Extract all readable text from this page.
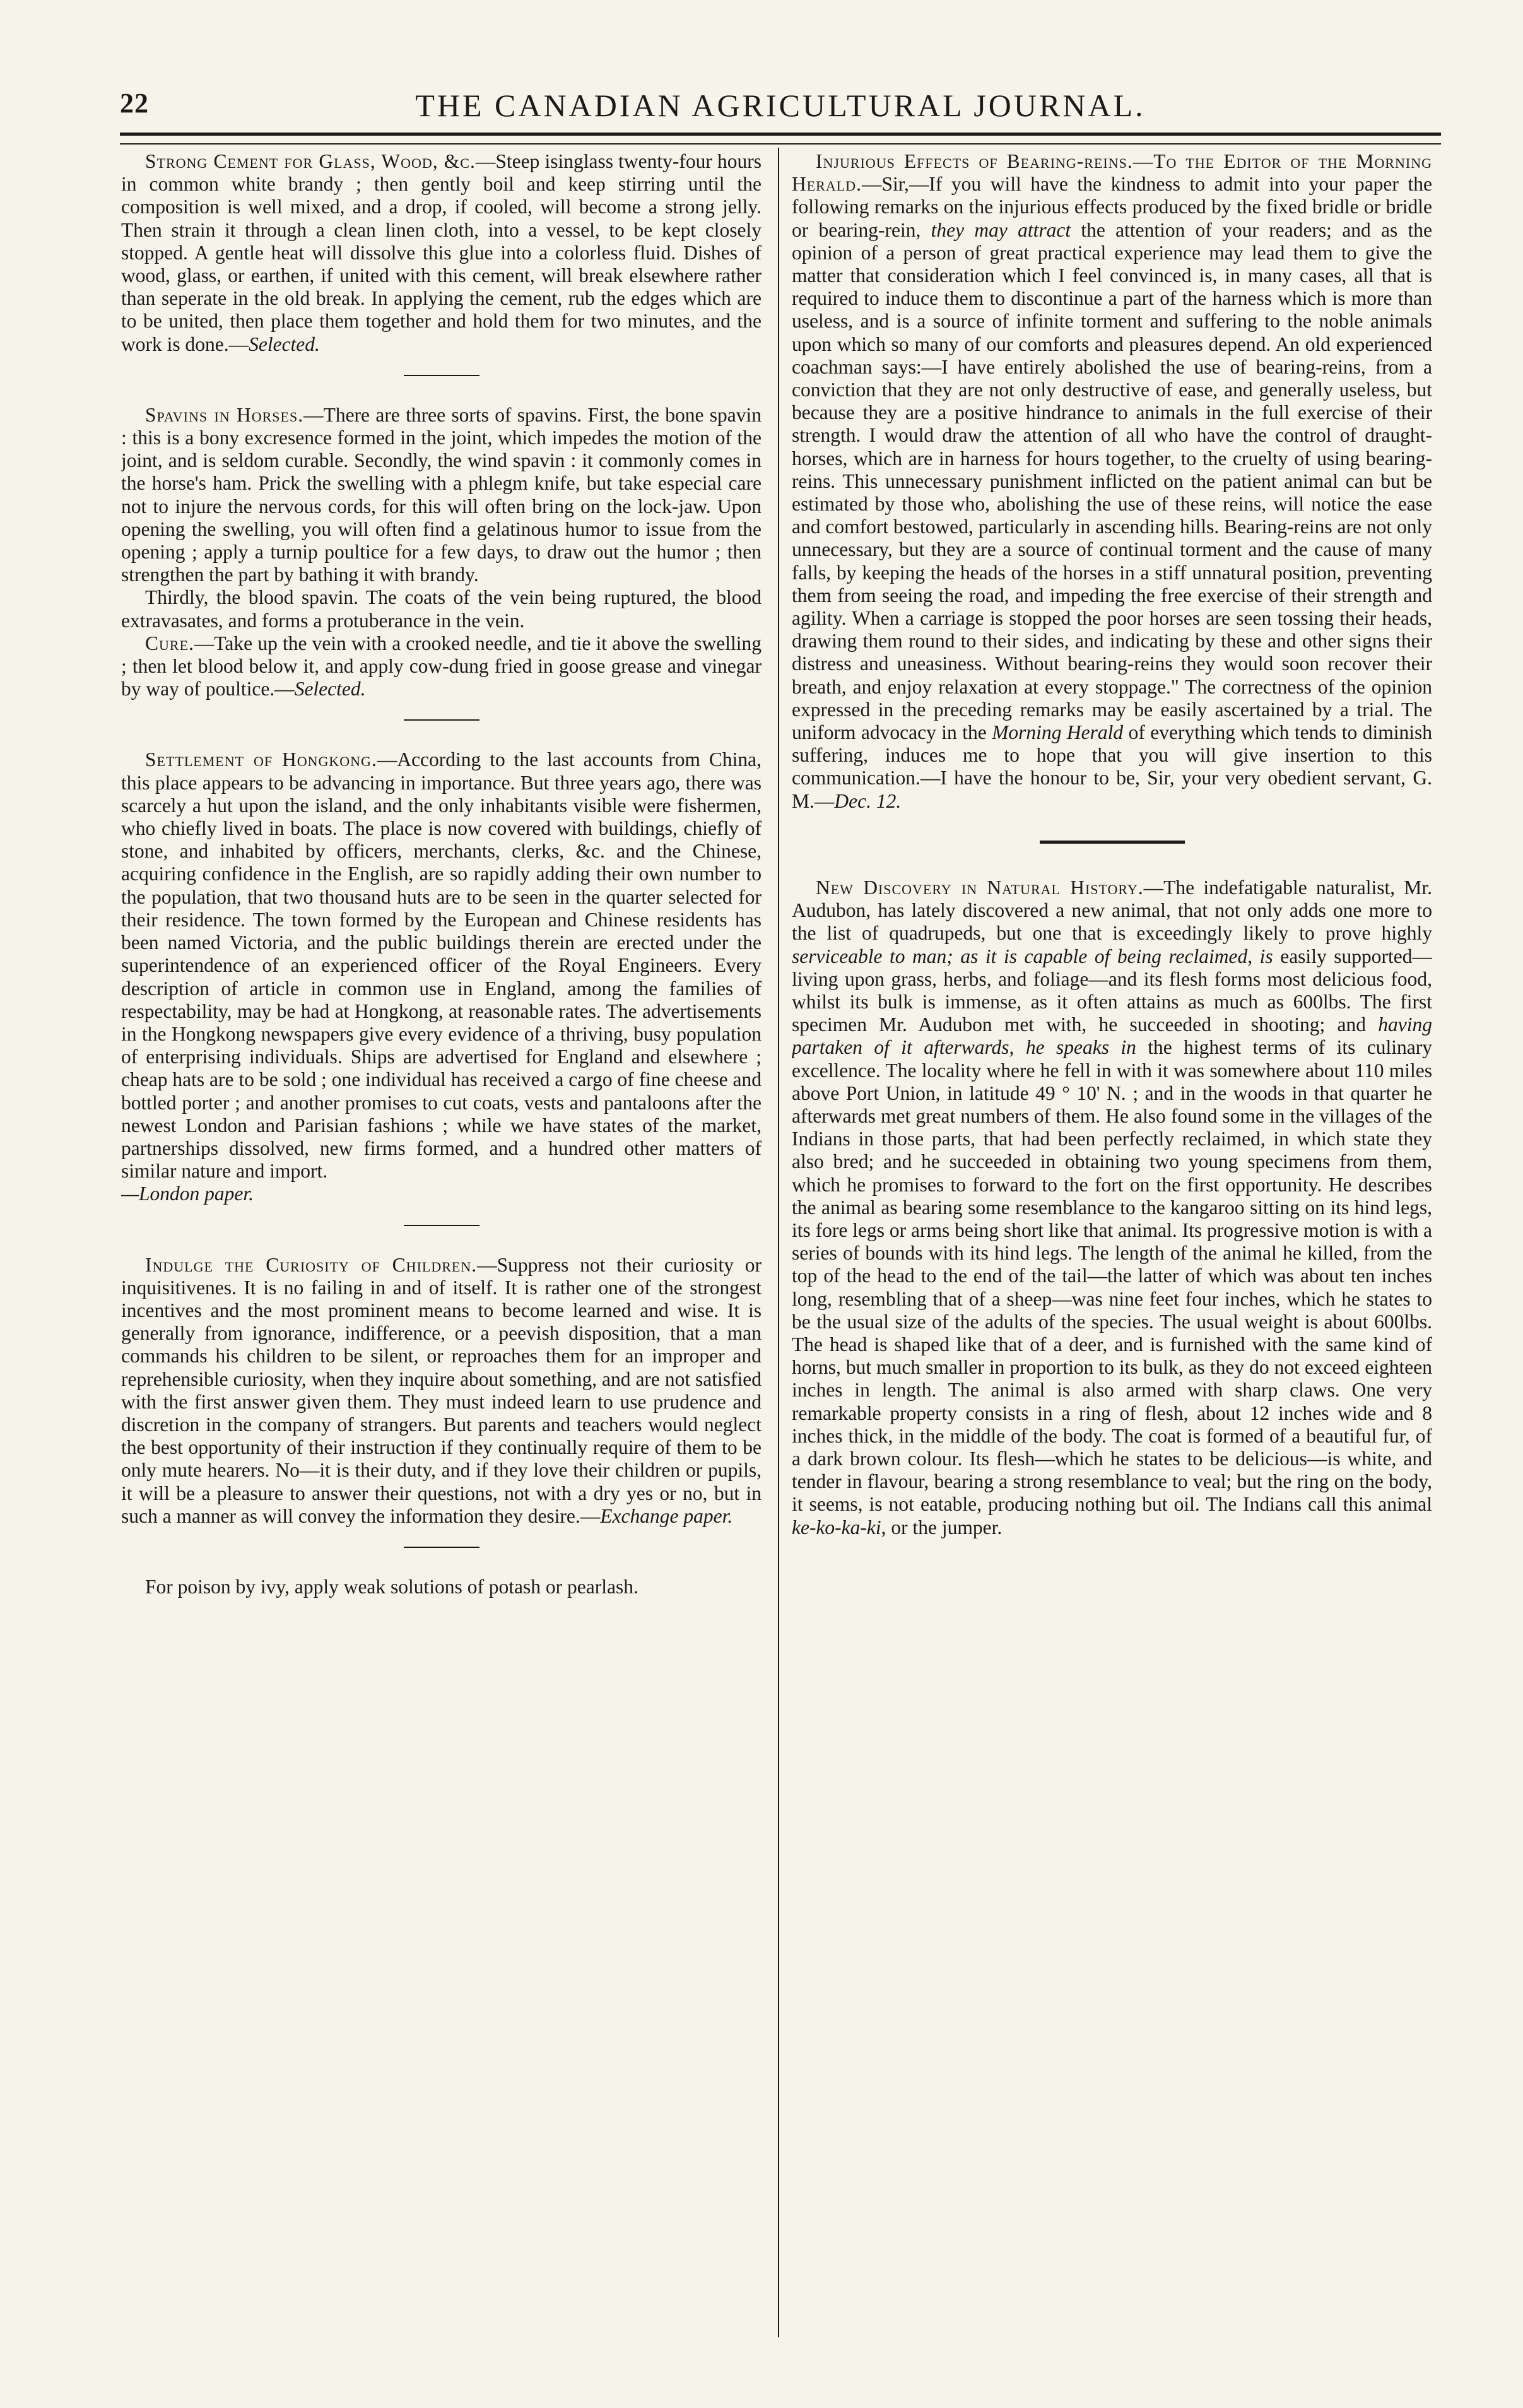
22	THE CANADIAN AGRICULTURAL JOURNAL.

Strong Cement for Glass, Wood, &c.—Steep isinglass twenty-four hours in common white brandy ; then gently boil and keep stirring until the composition is well mixed, and a drop, if cooled, will become a strong jelly. Then strain it through a clean linen cloth, into a vessel, to be kept closely stopped. A gentle heat will dissolve this glue into a colorless fluid. Dishes of wood, glass, or earthen, if united with this cement, will break elsewhere rather than seperate in the old break. In applying the cement, rub the edges which are to be united, then place them together and hold them for two minutes, and the work is done.—Selected.

Spavins in Horses.—There are three sorts of spavins. First, the bone spavin : this is a bony excresence formed in the joint, which impedes the motion of the joint, and is seldom curable. Secondly, the wind spavin : it commonly comes in the horse's ham. Prick the swelling with a phlegm knife, but take especial care not to injure the nervous cords, for this will often bring on the lock-jaw. Upon opening the swelling, you will often find a gelatinous humor to issue from the opening ; apply a turnip poultice for a few days, to draw out the humor ; then strengthen the part by bathing it with brandy.

Thirdly, the blood spavin. The coats of the vein being ruptured, the blood extravasates, and forms a protuberance in the vein.

Cure.—Take up the vein with a crooked needle, and tie it above the swelling ; then let blood below it, and apply cow-dung fried in goose grease and vinegar by way of poultice.—Selected.

Settlement of Hongkong.—According to the last accounts from China, this place appears to be advancing in importance. But three years ago, there was scarcely a hut upon the island, and the only inhabitants visible were fishermen, who chiefly lived in boats. The place is now covered with buildings, chiefly of stone, and inhabited by officers, merchants, clerks, &c. and the Chinese, acquiring confidence in the English, are so rapidly adding their own number to the population, that two thousand huts are to be seen in the quarter selected for their residence. The town formed by the European and Chinese residents has been named Victoria, and the public buildings therein are erected under the superintendence of an experienced officer of the Royal Engineers. Every description of article in common use in England, among the families of respectability, may be had at Hongkong, at reasonable rates. The advertisements in the Hongkong newspapers give every evidence of a thriving, busy population of enterprising individuals. Ships are advertised for England and elsewhere ; cheap hats are to be sold ; one individual has received a cargo of fine cheese and bottled porter ; and another promises to cut coats, vests and pantaloons after the newest London and Parisian fashions ; while we have states of the market, partnerships dissolved, new firms formed, and a hundred other matters of similar nature and import.

—London paper.

Indulge the Curiosity of Children.—Suppress not their curiosity or inquisitivenes. It is no failing in and of itself. It is rather one of the strongest incentives and the most prominent means to become learned and wise. It is generally from ignorance, indifference, or a peevish disposition, that a man commands his children to be silent, or reproaches them for an improper and reprehensible curiosity, when they inquire about something, and are not satisfied with the first answer given them. They must indeed learn to use prudence and discretion in the company of strangers. But parents and teachers would neglect the best opportunity of their instruction if they continually require of them to be only mute hearers. No—it is their duty, and if they love their children or pupils, it will be a pleasure to answer their questions, not with a dry yes or no, but in such a manner as will convey the information they desire.—Exchange paper.

For poison by ivy, apply weak solutions of potash or pearlash.

Injurious Effects of Bearing-reins.—To the Editor of the Morning Herald.—Sir,—If you will have the kindness to admit into your paper the following remarks on the injurious effects produced by the fixed bridle or bridle or bearing-rein, they may attract the attention of your readers; and as the opinion of a person of great practical experience may lead them to give the matter that consideration which I feel convinced is, in many cases, all that is required to induce them to discontinue a part of the harness which is more than useless, and is a source of infinite torment and suffering to the noble animals upon which so many of our comforts and pleasures depend. An old experienced coachman says:—I have entirely abolished the use of bearing-reins, from a conviction that they are not only destructive of ease, and generally useless, but because they are a positive hindrance to animals in the full exercise of their strength. I would draw the attention of all who have the control of draught-horses, which are in harness for hours together, to the cruelty of using bearing-reins. This unnecessary punishment inflicted on the patient animal can but be estimated by those who, abolishing the use of these reins, will notice the ease and comfort bestowed, particularly in ascending hills. Bearing-reins are not only unnecessary, but they are a source of continual torment and the cause of many falls, by keeping the heads of the horses in a stiff unnatural position, preventing them from seeing the road, and impeding the free exercise of their strength and agility. When a carriage is stopped the poor horses are seen tossing their heads, drawing them round to their sides, and indicating by these and other signs their distress and uneasiness. Without bearing-reins they would soon recover their breath, and enjoy relaxation at every stoppage." The correctness of the opinion expressed in the preceding remarks may be easily ascertained by a trial. The uniform advocacy in the Morning Herald of everything which tends to diminish suffering, induces me to hope that you will give insertion to this communication.—I have the honour to be, Sir, your very obedient servant, G. M.—Dec. 12.

New Discovery in Natural History.—The indefatigable naturalist, Mr. Audubon, has lately discovered a new animal, that not only adds one more to the list of quadrupeds, but one that is exceedingly likely to prove highly serviceable to man; as it is capable of being reclaimed, is easily supported—living upon grass, herbs, and foliage—and its flesh forms most delicious food, whilst its bulk is immense, as it often attains as much as 600lbs. The first specimen Mr. Audubon met with, he succeeded in shooting; and having partaken of it afterwards, he speaks in the highest terms of its culinary excellence. The locality where he fell in with it was somewhere about 110 miles above Port Union, in latitude 49 ° 10' N. ; and in the woods in that quarter he afterwards met great numbers of them. He also found some in the villages of the Indians in those parts, that had been perfectly reclaimed, in which state they also bred; and he succeeded in obtaining two young specimens from them, which he promises to forward to the fort on the first opportunity. He describes the animal as bearing some resemblance to the kangaroo sitting on its hind legs, its fore legs or arms being short like that animal. Its progressive motion is with a series of bounds with its hind legs. The length of the animal he killed, from the top of the head to the end of the tail—the latter of which was about ten inches long, resembling that of a sheep—was nine feet four inches, which he states to be the usual size of the adults of the species. The usual weight is about 600lbs. The head is shaped like that of a deer, and is furnished with the same kind of horns, but much smaller in proportion to its bulk, as they do not exceed eighteen inches in length. The animal is also armed with sharp claws. One very remarkable property consists in a ring of flesh, about 12 inches wide and 8 inches thick, in the middle of the body. The coat is formed of a beautiful fur, of a dark brown colour. Its flesh—which he states to be delicious—is white, and tender in flavour, bearing a strong resemblance to veal; but the ring on the body, it seems, is not eatable, producing nothing but oil. The Indians call this animal ke-ko-ka-ki, or the jumper.
